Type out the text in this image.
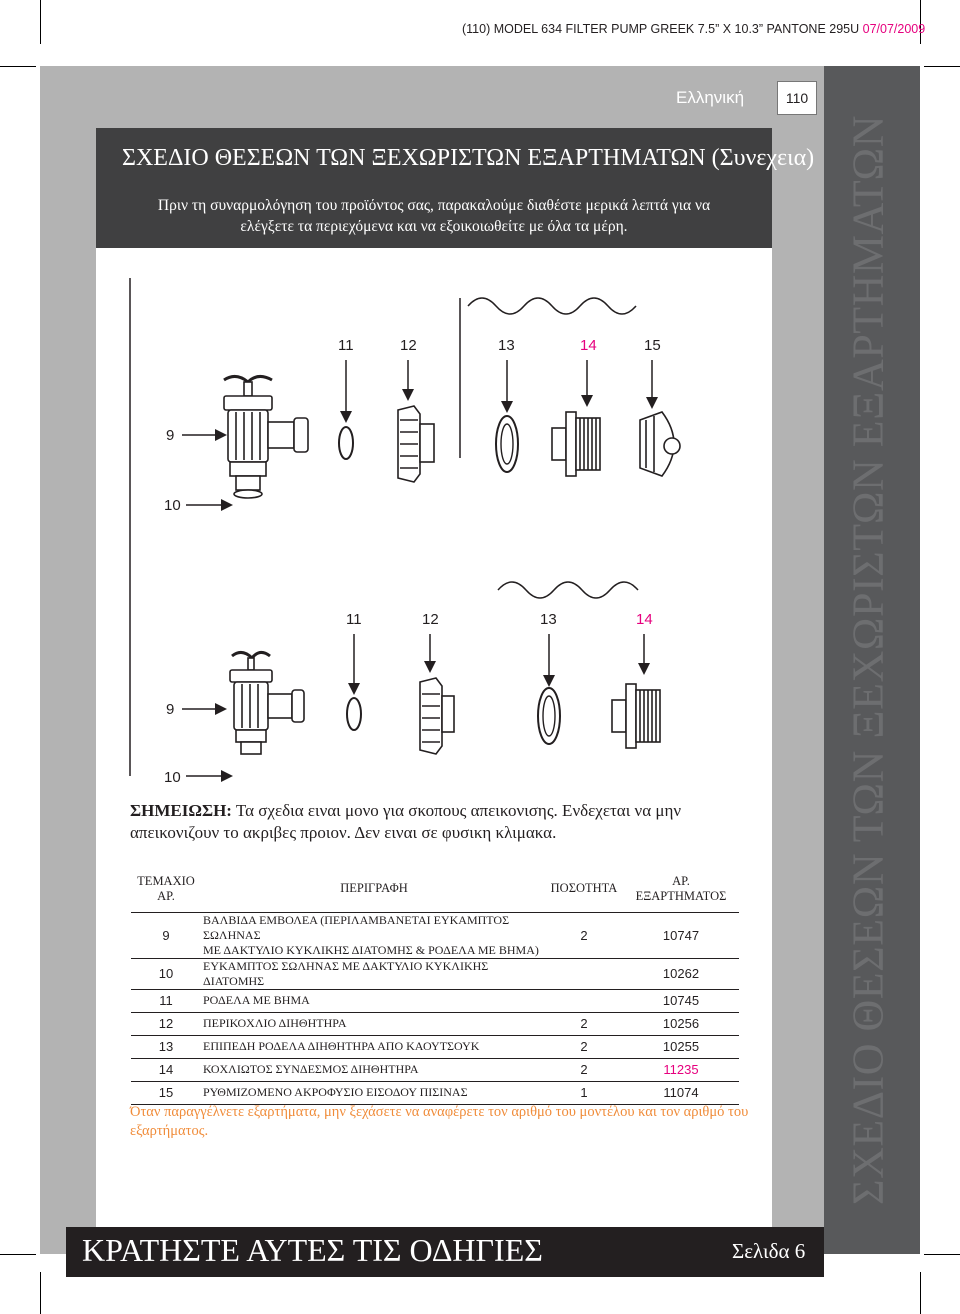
(110) MODEL 634 FILTER PUMP GREEK 7.5” X 10.3” PANTONE 295U 07/07/2009
ΣΧΕΔΙΟ ΘΕΣΕΩΝ ΤΩΝ ΞΕΧΩΡΙΣΤΩΝ ΕΞΑΡΤΗΜΑΤΩΝ
Ελληνική	110
ΣΧΕΔΙΟ ΘΕΣΕΩΝ ΤΩΝ ΞΕΧΩΡΙΣΤΩΝ ΕΞΑΡΤΗΜΑΤΩΝ (Συνεχεια)
Πριν τη συναρμολόγηση του προϊόντος σας, παρακαλούμε διαθέστε μερικά λεπτά για να ελέγξετε τα περιεχόμενα και να εξοικοιωθείτε με όλα τα μέρη.
9
10
11	12	13	14	15
9
10
11	12	13	14
ΣΗΜΕΙΩΣΗ: Τα σχεδια ειναι μονο για σκοπους απεικονισης. Ενδεχεται να μην απεικονιζουν το ακριβες προιον. Δεν ειναι σε φυσικη κλιμακα.
ΤΕΜΑΧΙΟ
ΑΡ.	ΠΕΡΙΓΡΑΦΗ	ΠΟΣΟΤΗΤΑ	ΑΡ.
ΕΞΑΡΤΗΜΑΤΟΣ
9	ΒΑΛΒΙΔΑ ΕΜΒΟΛΕΑ (ΠΕΡΙΛΑΜΒΑΝΕΤΑΙ ΕΥΚΑΜΠΤΟΣ ΣΩΛΗΝΑΣ
ΜΕ ΔΑΚΤΥΛΙΟ ΚΥΚΛΙΚΗΣ ΔΙΑΤΟΜΗΣ & ΡΟΔΕΛΑ ΜΕ ΒΗΜΑ)	2	10747
10	ΕΥΚΑΜΠΤΟΣ ΣΩΛΗΝΑΣ ΜΕ ΔΑΚΤΥΛΙΟ ΚΥΚΛΙΚΗΣ ΔΙΑΤΟΜΗΣ		10262
11	ΡΟΔΕΛΑ ΜΕ ΒΗΜΑ		10745
12	ΠΕΡΙΚΟΧΛΙΟ ΔΙΗΘΗΤΗΡΑ	2	10256
13	ΕΠΙΠΕΔΗ ΡΟΔΕΛΑ ΔΙΗΘΗΤΗΡΑ ΑΠΟ ΚΑΟΥΤΣΟΥΚ	2	10255
14	ΚΟΧΛΙΩΤΟΣ ΣΥΝΔΕΣΜΟΣ ΔΙΗΘΗΤΗΡΑ	2	11235
15	ΡΥΘΜΙΖΟΜΕΝΟ ΑΚΡΟΦΥΣΙΟ ΕΙΣΟΔΟΥ ΠΙΣΙΝΑΣ	1	11074
Όταν παραγγέλνετε εξαρτήματα, μην ξεχάσετε να αναφέρετε τον αριθμό του μοντέλου και τον αριθμό του εξαρτήματος.
ΚΡΑΤΗΣΤΕ ΑΥΤΕΣ ΤΙΣ ΟΔΗΓΙΕΣ	Σελιδα 6
